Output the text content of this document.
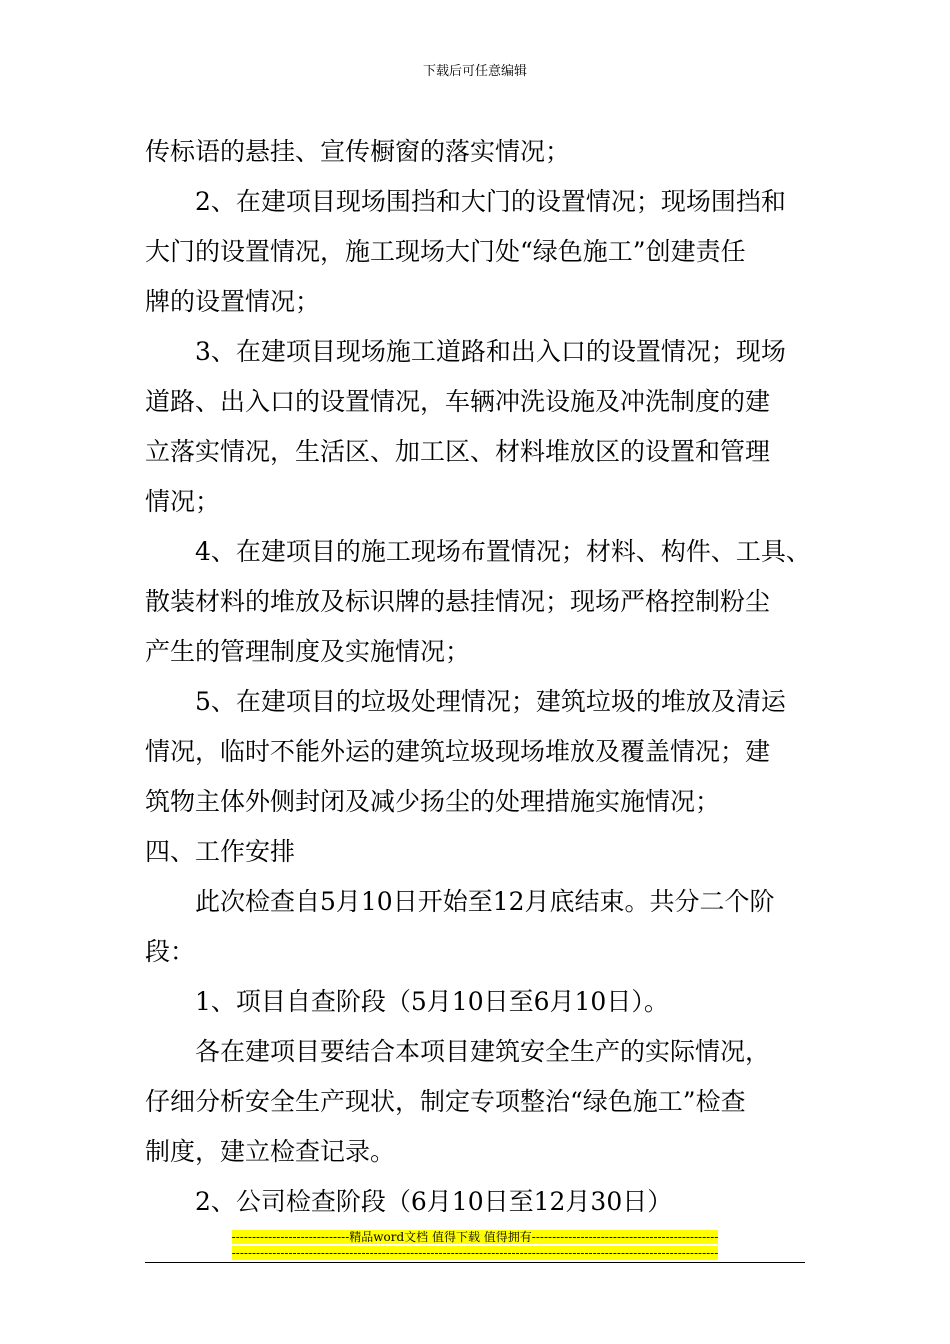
下载后可任意编辑
传标语的悬挂、宣传橱窗的落实情况；
2、在建项目现场围挡和大门的设置情况；现场围挡和
大门的设置情况，施工现场大门处“绿色施工”创建责任
牌的设置情况；
3、在建项目现场施工道路和出入口的设置情况；现场
道路、出入口的设置情况，车辆冲洗设施及冲洗制度的建
立落实情况，生活区、加工区、材料堆放区的设置和管理
情况；
4、在建项目的施工现场布置情况；材料、构件、工具、
散装材料的堆放及标识牌的悬挂情况；现场严格控制粉尘
产生的管理制度及实施情况；
5、在建项目的垃圾处理情况；建筑垃圾的堆放及清运
情况，临时不能外运的建筑垃圾现场堆放及覆盖情况；建
筑物主体外侧封闭及减少扬尘的处理措施实施情况；
四、工作安排
此次检查自5月10日开始至12月底结束。共分二个阶
段：
1、项目自查阶段（5月10日至6月10日）。
各在建项目要结合本项目建筑安全生产的实际情况，
仔细分析安全生产现状，制定专项整治“绿色施工”检查
制度，建立检查记录。
2、公司检查阶段（6月10日至12月30日）
-----------------------------精品word文档 值得下载 值得拥有----------------------------------------------
------------------------------------------------------------------------------------------------------------------------
